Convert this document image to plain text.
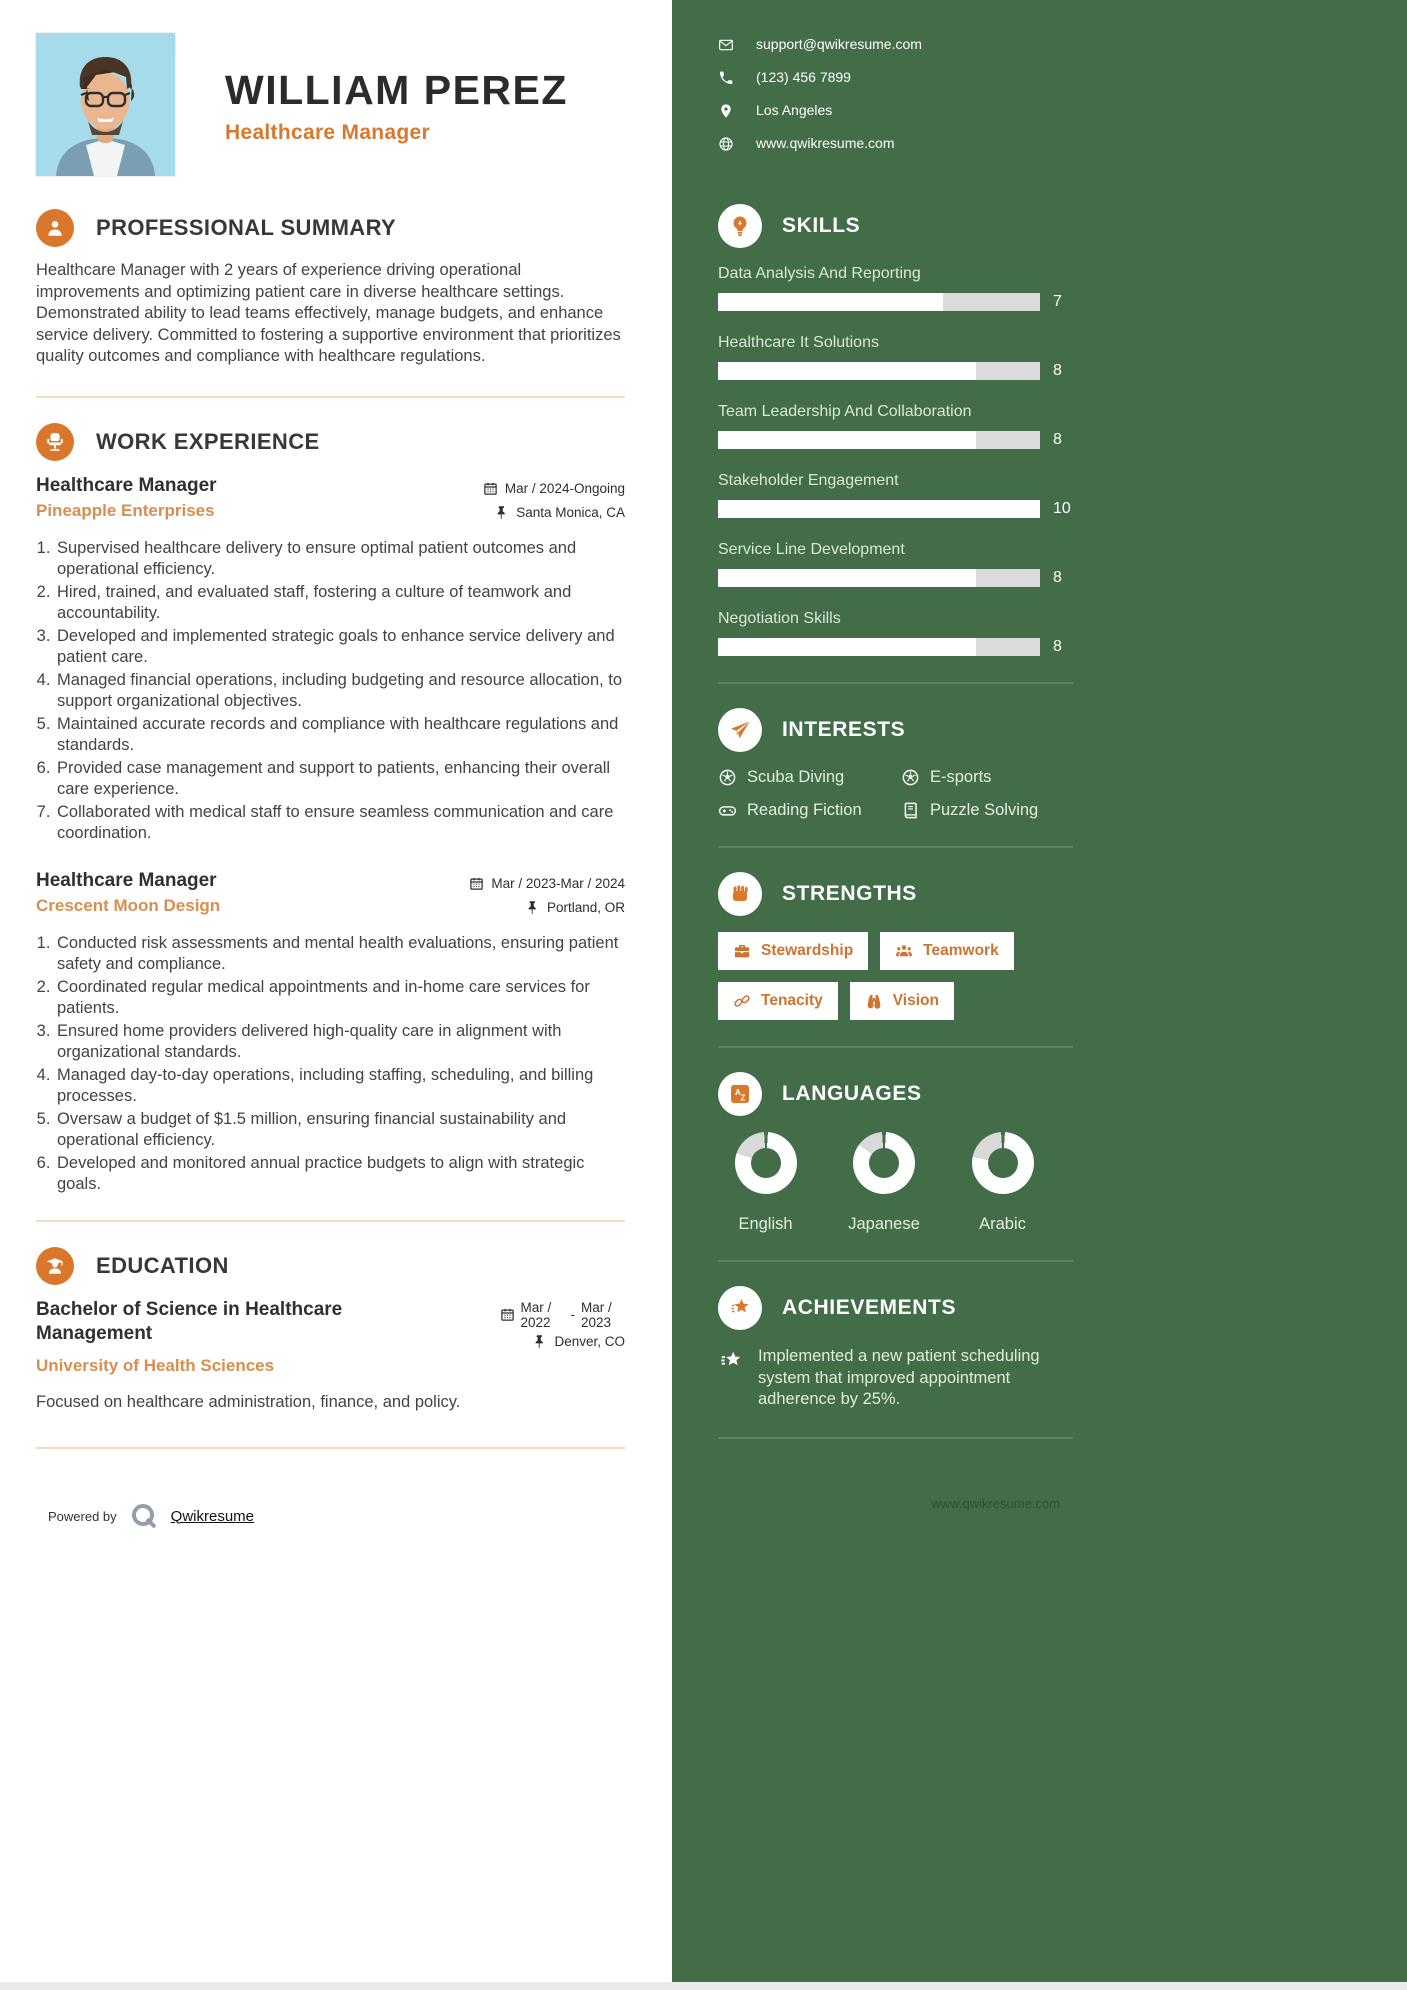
WILLIAM PEREZ
Healthcare Manager
PROFESSIONAL SUMMARY

Healthcare Manager with 2 years of experience driving operational improvements and optimizing patient care in diverse healthcare settings. Demonstrated ability to lead teams effectively, manage budgets, and enhance service delivery. Committed to fostering a supportive environment that prioritizes quality outcomes and compliance with healthcare regulations.

WORK EXPERIENCE
Healthcare Manager
Pineapple Enterprises
Mar / 2024-Ongoing
Santa Monica, CA
1. Supervised healthcare delivery to ensure optimal patient outcomes and operational efficiency.
2. Hired, trained, and evaluated staff, fostering a culture of teamwork and accountability.
3. Developed and implemented strategic goals to enhance service delivery and patient care.
4. Managed financial operations, including budgeting and resource allocation, to support organizational objectives.
5. Maintained accurate records and compliance with healthcare regulations and standards.
6. Provided case management and support to patients, enhancing their overall care experience.
7. Collaborated with medical staff to ensure seamless communication and care coordination.
Healthcare Manager
Crescent Moon Design
Mar / 2023-Mar / 2024
Portland, OR
1. Conducted risk assessments and mental health evaluations, ensuring patient safety and compliance.
2. Coordinated regular medical appointments and in-home care services for patients.
3. Ensured home providers delivered high-quality care in alignment with organizational standards.
4. Managed day-to-day operations, including staffing, scheduling, and billing processes.
5. Oversaw a budget of $1.5 million, ensuring financial sustainability and operational efficiency.
6. Developed and monitored annual practice budgets to align with strategic goals.
EDUCATION
Bachelor of Science in Healthcare Management
University of Health Sciences
Mar / 2022	- Mar / 2023
Denver, CO

Focused on healthcare administration, finance, and policy.

Powered by	Qwikresume
support@qwikresume.com
(123) 456 7899
Los Angeles
www.qwikresume.com
SKILLS
Data Analysis And Reporting
7
Healthcare It Solutions
8
Team Leadership And Collaboration
8
Stakeholder Engagement
10
Service Line Development
8
Negotiation Skills
8
INTERESTS
Scuba Diving	E-sports
Reading Fiction	Puzzle Solving
STRENGTHS
Stewardship	Teamwork
Tenacity	Vision
A
Z LANGUAGES
English	Japanese	Arabic
ACHIEVEMENTS

Implemented a new patient scheduling system that improved appointment adherence by 25%.

www.qwikresume.com
